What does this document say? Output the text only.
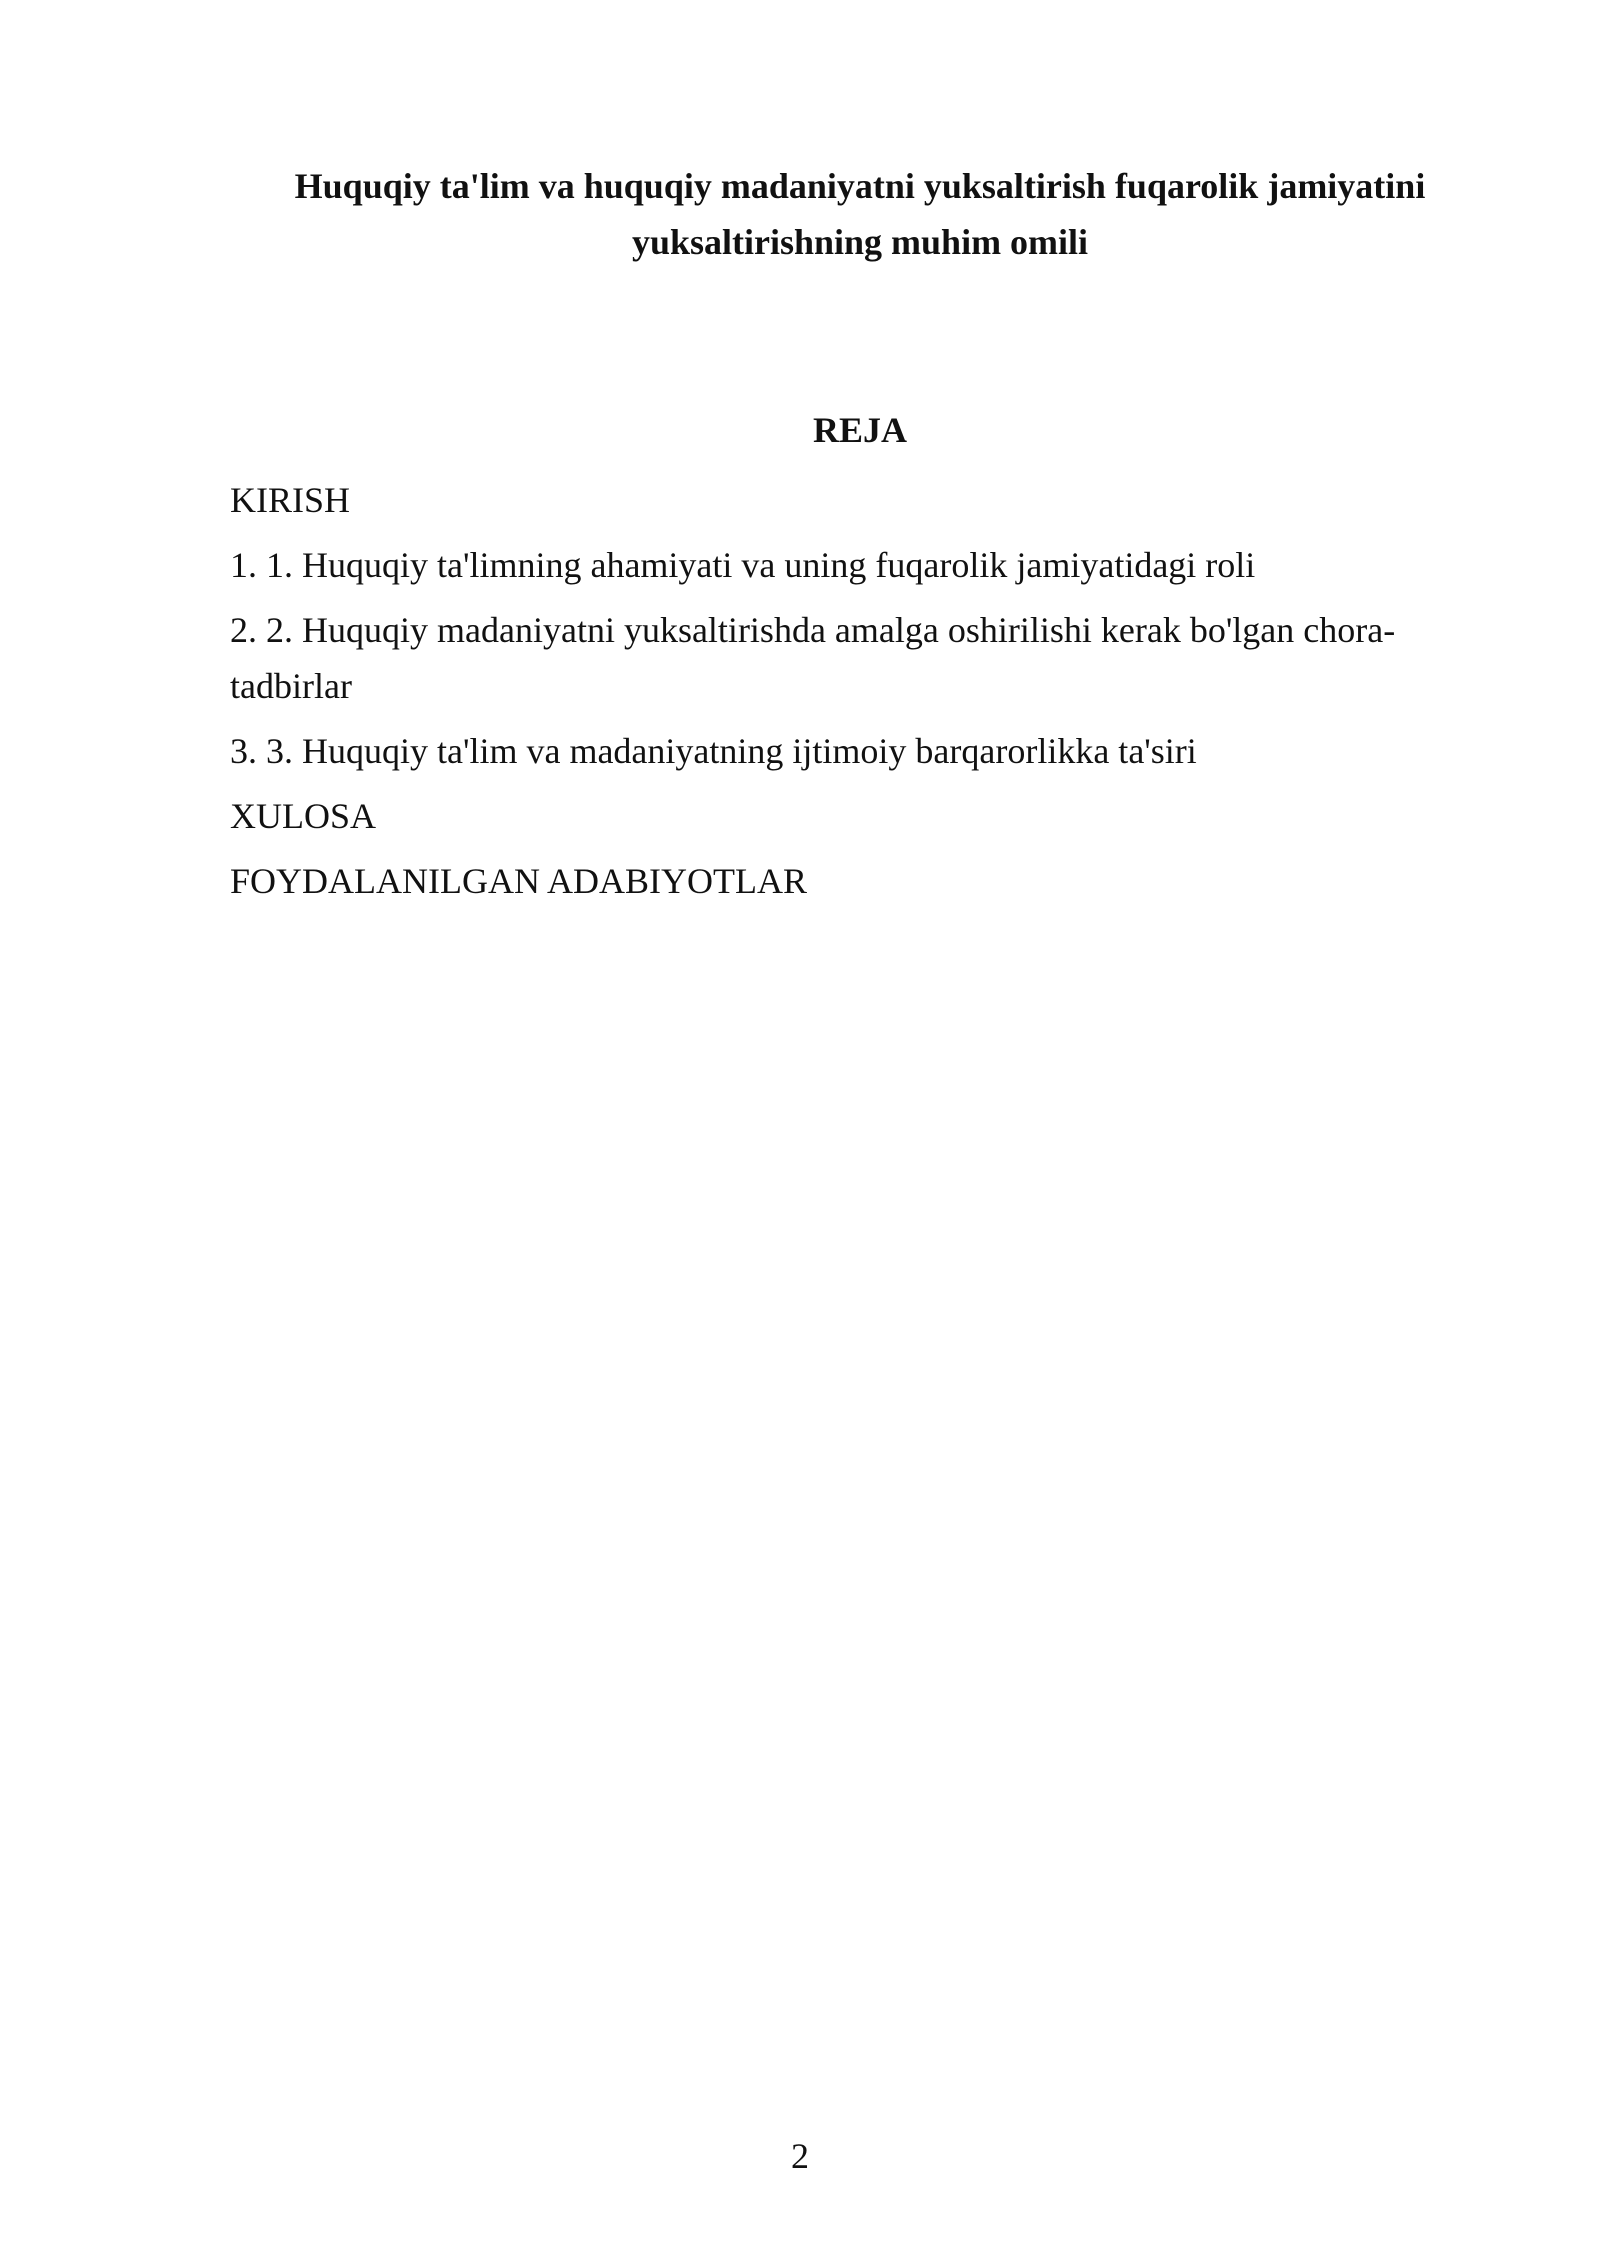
Huquqiy ta'lim va huquqiy madaniyatni yuksaltirish fuqarolik jamiyatini
yuksaltirishning muhim omili
REJA
KIRISH
1. 1. Huquqiy ta'limning ahamiyati va uning fuqarolik jamiyatidagi roli
2. 2. Huquqiy madaniyatni yuksaltirishda amalga oshirilishi kerak bo'lgan chora-
tadbirlar
3. 3. Huquqiy ta'lim va madaniyatning ijtimoiy barqarorlikka ta'siri
XULOSA
FOYDALANILGAN ADABIYOTLAR
2
